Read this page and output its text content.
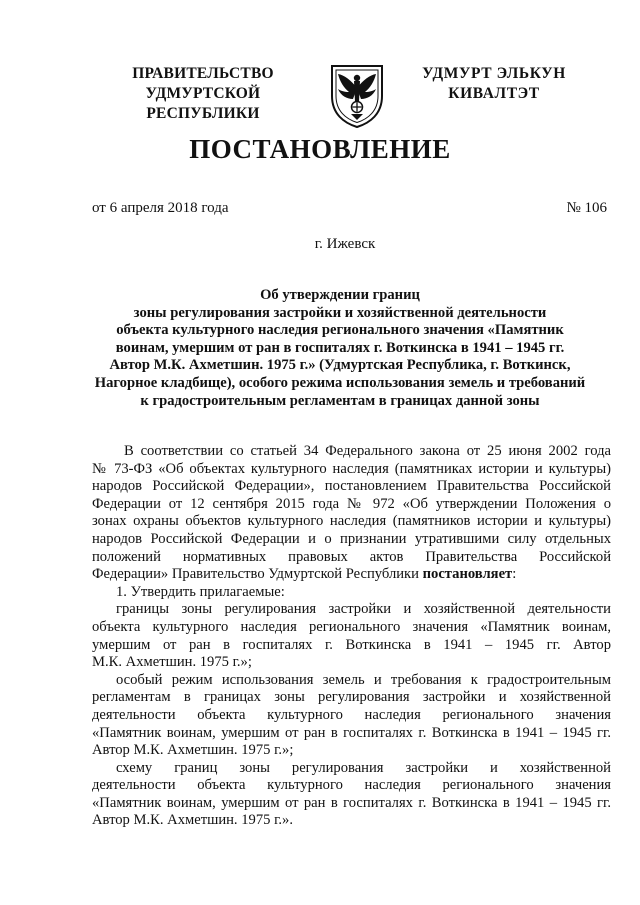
ПРАВИТЕЛЬСТВО
УДМУРТСКОЙ РЕСПУБЛИКИ
УДМУРТ ЭЛЬКУН
КИВАЛТЭТ
ПОСТАНОВЛЕНИЕ
от 6 апреля 2018 года	№ 106
г. Ижевск
Об утверждении границ
зоны регулирования застройки и хозяйственной деятельности
объекта культурного наследия регионального значения «Памятник
воинам, умершим от ран в госпиталях г. Воткинска в 1941 – 1945 гг.
Автор М.К. Ахметшин. 1975 г.» (Удмуртская Республика, г. Воткинск,
Нагорное кладбище), особого режима использования земель и требований
к градостроительным регламентам в границах данной зоны
В соответствии со статьей 34 Федерального закона от 25 июня 2002 года
№ 73-ФЗ «Об объектах культурного наследия (памятниках истории и культуры)
народов Российской Федерации», постановлением Правительства Российской
Федерации от 12 сентября 2015 года № 972 «Об утверждении Положения о
зонах охраны объектов культурного наследия (памятников истории и культуры)
народов Российской Федерации и о признании утратившими силу отдельных
положений нормативных правовых актов Правительства Российской
Федерации» Правительство Удмуртской Республики постановляет:
1. Утвердить прилагаемые:
границы зоны регулирования застройки и хозяйственной деятельности
объекта культурного наследия регионального значения «Памятник воинам,
умершим от ран в госпиталях г. Воткинска в 1941 – 1945 гг. Автор
М.К. Ахметшин. 1975 г.»;
особый режим использования земель и требования к градостроительным
регламентам в границах зоны регулирования застройки и хозяйственной
деятельности объекта культурного наследия регионального значения
«Памятник воинам, умершим от ран в госпиталях г. Воткинска в 1941 – 1945 гг.
Автор М.К. Ахметшин. 1975 г.»;
схему границ зоны регулирования застройки и хозяйственной
деятельности объекта культурного наследия регионального значения
«Памятник воинам, умершим от ран в госпиталях г. Воткинска в 1941 – 1945 гг.
Автор М.К. Ахметшин. 1975 г.».
